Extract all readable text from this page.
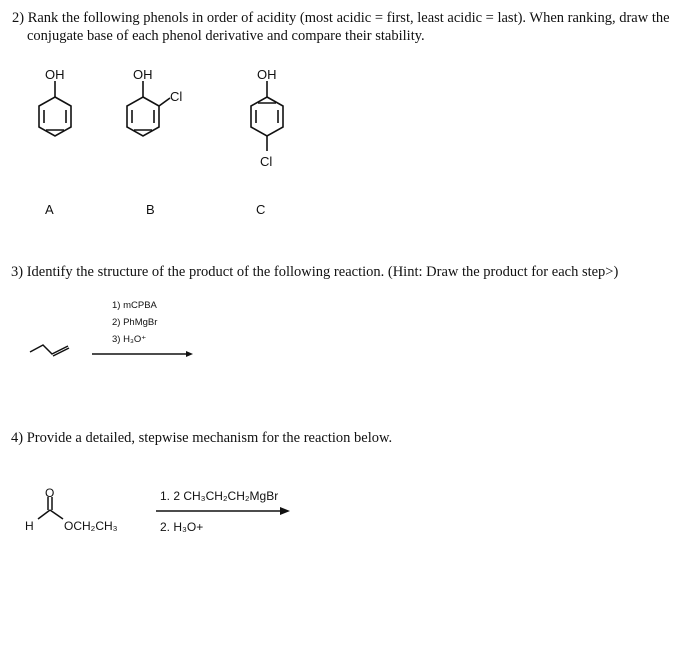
2) Rank the following phenols in order of acidity (most acidic = first, least acidic = last). When ranking, draw the
conjugate base of each phenol derivative and compare their stability.
OH	OH
Cl
OH
Cl
O
H	OCH₂CH₃
A	B	C
3) Identify the structure of the product of the following reaction. (Hint: Draw the product for each step>)
1) mCPBA
2) PhMgBr
3) H₃O⁺
4) Provide a detailed, stepwise mechanism for the reaction below.
1. 2 CH₃CH₂CH₂MgBr
2. H₃O+
